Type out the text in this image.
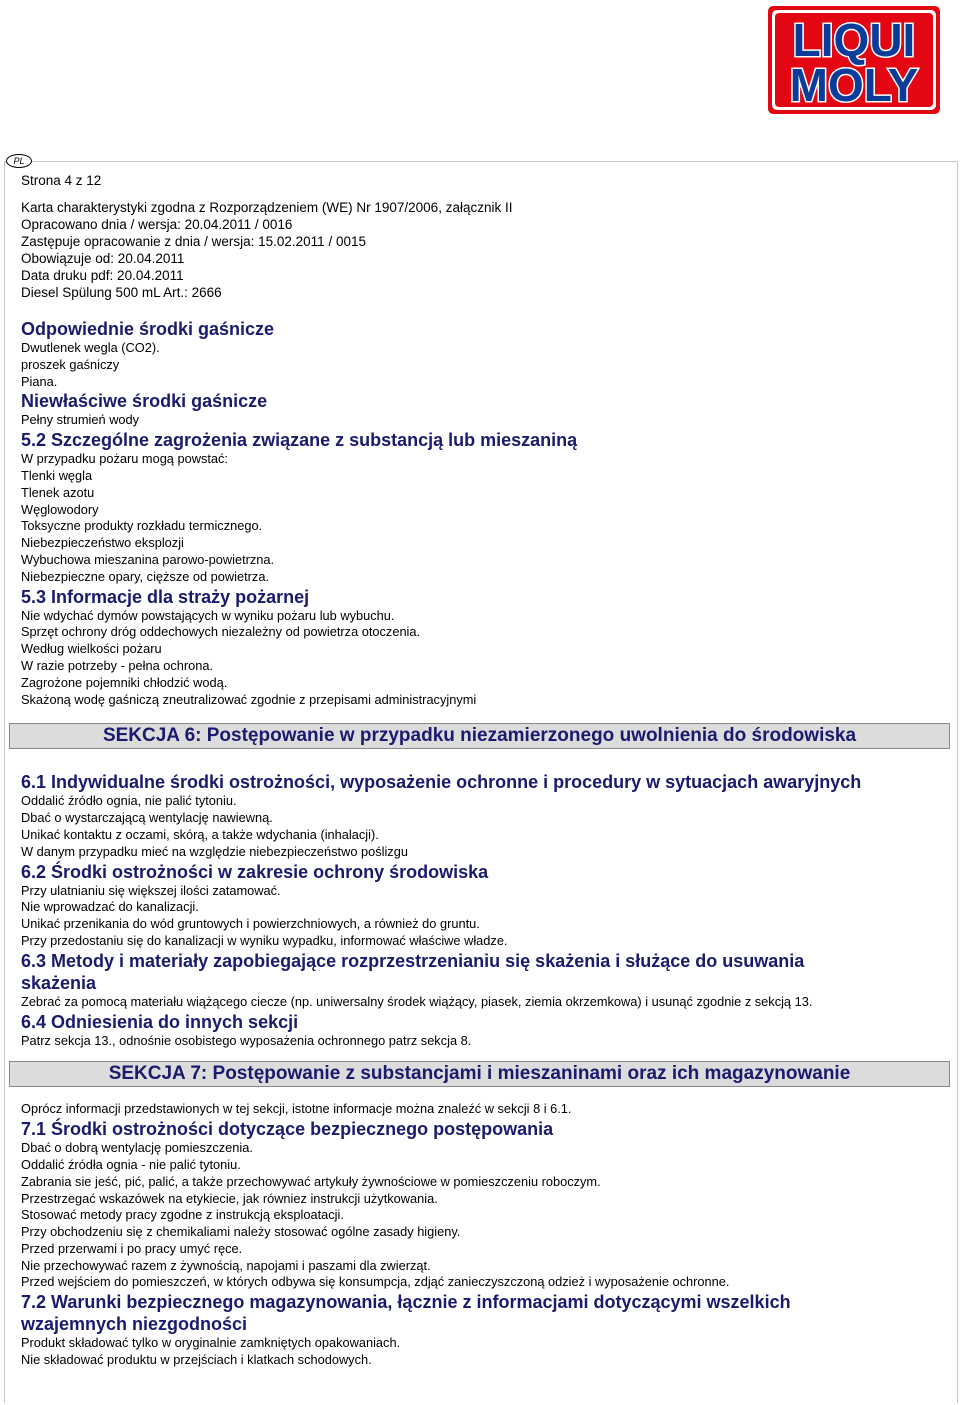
LIQUI
MOLY
PL
Strona 4 z 12
Karta charakterystyki zgodna z Rozporządzeniem (WE) Nr 1907/2006, załącznik II
Opracowano dnia / wersja: 20.04.2011 / 0016
Zastępuje opracowanie z dnia / wersja: 15.02.2011 / 0015
Obowiązuje od: 20.04.2011
Data druku pdf: 20.04.2011
Diesel Spülung 500 mL Art.: 2666
Odpowiednie środki gaśnicze
Dwutlenek wegla (CO2).
proszek gaśniczy
Piana.
Niewłaściwe środki gaśnicze
Pełny strumień wody
5.2 Szczególne zagrożenia związane z substancją lub mieszaniną
W przypadku pożaru mogą powstać:
Tlenki węgla
Tlenek azotu
Węglowodory
Toksyczne produkty rozkładu termicznego.
Niebezpieczeństwo eksplozji
Wybuchowa mieszanina parowo-powietrzna.
Niebezpieczne opary, cięższe od powietrza.
5.3 Informacje dla straży pożarnej
Nie wdychać dymów powstających w wyniku pożaru lub wybuchu.
Sprzęt ochrony dróg oddechowych niezależny od powietrza otoczenia.
Według wielkości pożaru
W razie potrzeby - pełna ochrona.
Zagrożone pojemniki chłodzić wodą.
Skażoną wodę gaśniczą zneutralizować zgodnie z przepisami administracyjnymi
SEKCJA 6: Postępowanie w przypadku niezamierzonego uwolnienia do środowiska
6.1 Indywidualne środki ostrożności, wyposażenie ochronne i procedury w sytuacjach awaryjnych
Oddalić źródło ognia, nie palić tytoniu.
Dbać o wystarczającą wentylację nawiewną.
Unikać kontaktu z oczami, skórą, a także wdychania (inhalacji).
W danym przypadku mieć na względzie niebezpieczeństwo poślizgu
6.2 Środki ostrożności w zakresie ochrony środowiska
Przy ulatnianiu się większej ilości zatamować.
Nie wprowadzać do kanalizacji.
Unikać przenikania do wód gruntowych i powierzchniowych, a również do gruntu.
Przy przedostaniu się do kanalizacji w wyniku wypadku, informować właściwe władze.
6.3 Metody i materiały zapobiegające rozprzestrzenianiu się skażenia i służące do usuwania
skażenia
Zebrać za pomocą materiału wiążącego ciecze (np. uniwersalny środek wiążący, piasek, ziemia okrzemkowa) i usunąć zgodnie z sekcją 13.
6.4 Odniesienia do innych sekcji
Patrz sekcja 13., odnośnie osobistego wyposażenia ochronnego patrz sekcja 8.
SEKCJA 7: Postępowanie z substancjami i mieszaninami oraz ich magazynowanie
Oprócz informacji przedstawionych w tej sekcji, istotne informacje można znaleźć w sekcji 8 i 6.1.
7.1 Środki ostrożności dotyczące bezpiecznego postępowania
Dbać o dobrą wentylację pomieszczenia.
Oddalić źródła ognia - nie palić tytoniu.
Zabrania sie jeść, pić, palić, a także przechowywać artykuły żywnościowe w pomieszczeniu roboczym.
Przestrzegać wskazówek na etykiecie, jak równiez instrukcji użytkowania.
Stosować metody pracy zgodne z instrukcją eksploatacji.
Przy obchodzeniu się z chemikaliami należy stosować ogólne zasady higieny.
Przed przerwami i po pracy umyć ręce.
Nie przechowywać razem z żywnością, napojami i paszami dla zwierząt.
Przed wejściem do pomieszczeń, w których odbywa się konsumpcja, zdjąć zanieczyszczoną odzież i wyposażenie ochronne.
7.2 Warunki bezpiecznego magazynowania, łącznie z informacjami dotyczącymi wszelkich
wzajemnych niezgodności
Produkt składować tylko w oryginalnie zamkniętych opakowaniach.
Nie składować produktu w przejściach i klatkach schodowych.
